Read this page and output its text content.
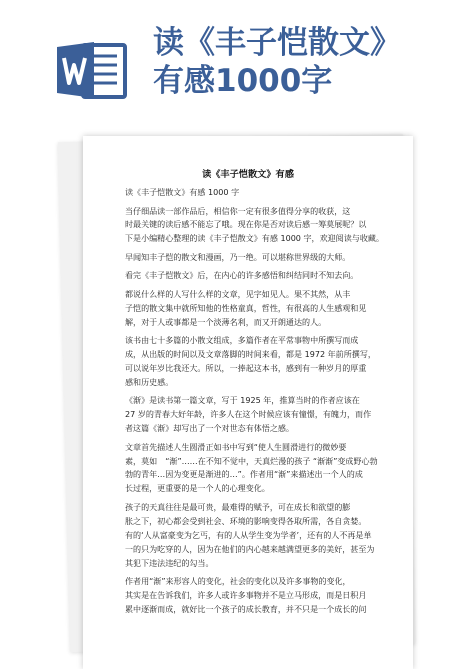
读《丰子恺散文》
有感1000字
读《丰子恺散文》有感
读《丰子恺散文》有感 1000 字
当仔细品读一部作品后，相信你一定有很多值得分享的收获，这
时最关键的读后感不能忘了哦。现在你是否对读后感一筹莫展呢？以
下是小编精心整理的读《丰子恺散文》有感 1000 字，欢迎阅读与收藏。
早闻知丰子恺的散文和漫画，乃一绝。可以堪称世界级的大师。
看完《丰子恺散文》后，在内心的许多感悟和纠结同时不知去向。
都说什么样的人写什么样的文章，见字如见人。果不其然，从丰
子恺的散文集中就所知他的性格童真，哲性，有很高的人生感观和见
解，对于人或事都是一个淡薄名利，而又开朗通达的人。
该书由七十多篇的小散文组成，多篇作者在平常事物中所撰写而成
成，从出版的时间以及文章落脚的时间来看，都是 1972 年前所撰写，
可以说年岁比我还大。所以，一捧起这本书，感到有一种岁月的厚重
感和历史感。
《渐》是读书第一篇文章，写于 1925 年，推算当时的作者应该在
27 岁的青春大好年龄，许多人在这个时候应该有憧憬，有魄力，而作
者这篇《渐》却写出了一个对世态有体悟之感。
文章首先描述人生圆滑正如书中写到“使人生圆滑进行的微妙要
素，莫如　“渐”……在不知不觉中，天真烂漫的孩子 “渐渐”变成野心勃
勃的青年…因为变更是渐进的…”。作者用“渐”来描述出一个人的成
长过程，更重要的是一个人的心理变化。
孩子的天真往往是最可贵，最难得的赋予，可在成长和欲望的膨
胀之下，初心都会受到社会、环境的影响变得各取所需，各自贪婪。
有的‘人从富豪变为乞丐，有的人从学生变为学者’，还有的人不再是单
一的只为吃穿的人，因为在他们的内心越来越满望更多的美好，甚至为
其犯下违法违纪的勾当。
作者用“渐”来形容人的变化，社会的变化以及许多事物的变化，
其实是在告诉我们，许多人或许多事物并不是立马形成，而是日积月
累中逐渐而成，就好比一个孩子的成长教育，并不只是一个成长的问
